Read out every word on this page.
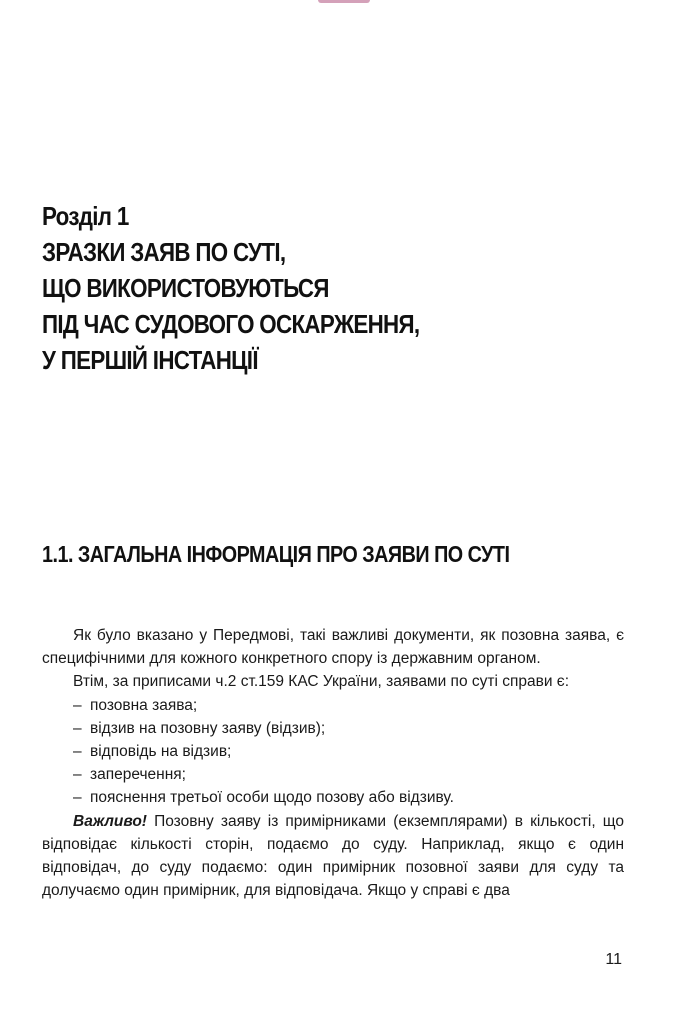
Розділ 1
ЗРАЗКИ ЗАЯВ ПО СУТІ,
ЩО ВИКОРИСТОВУЮТЬСЯ
ПІД ЧАС СУДОВОГО ОСКАРЖЕННЯ,
У ПЕРШІЙ ІНСТАНЦІЇ
1.1. ЗАГАЛЬНА ІНФОРМАЦІЯ ПРО ЗАЯВИ ПО СУТІ

Як було вказано у Передмові, такі важливі документи, як позовна заява, є специфічними для кожного конкретного спору із державним органом.

Втім, за приписами ч.2 ст.159 КАС України, заявами по суті справи є:

– позовна заява;
– відзив на позовну заяву (відзив);
– відповідь на відзив;
– заперечення;
– пояснення третьої особи щодо позову або відзиву.

Важливо! Позовну заяву із примірниками (екземплярами) в кількості, що відповідає кількості сторін, подаємо до суду. Наприклад, якщо є один відповідач, до суду подаємо: один примірник позовної заяви для суду та долучаємо один примірник, для відповідача. Якщо у справі є два

11
